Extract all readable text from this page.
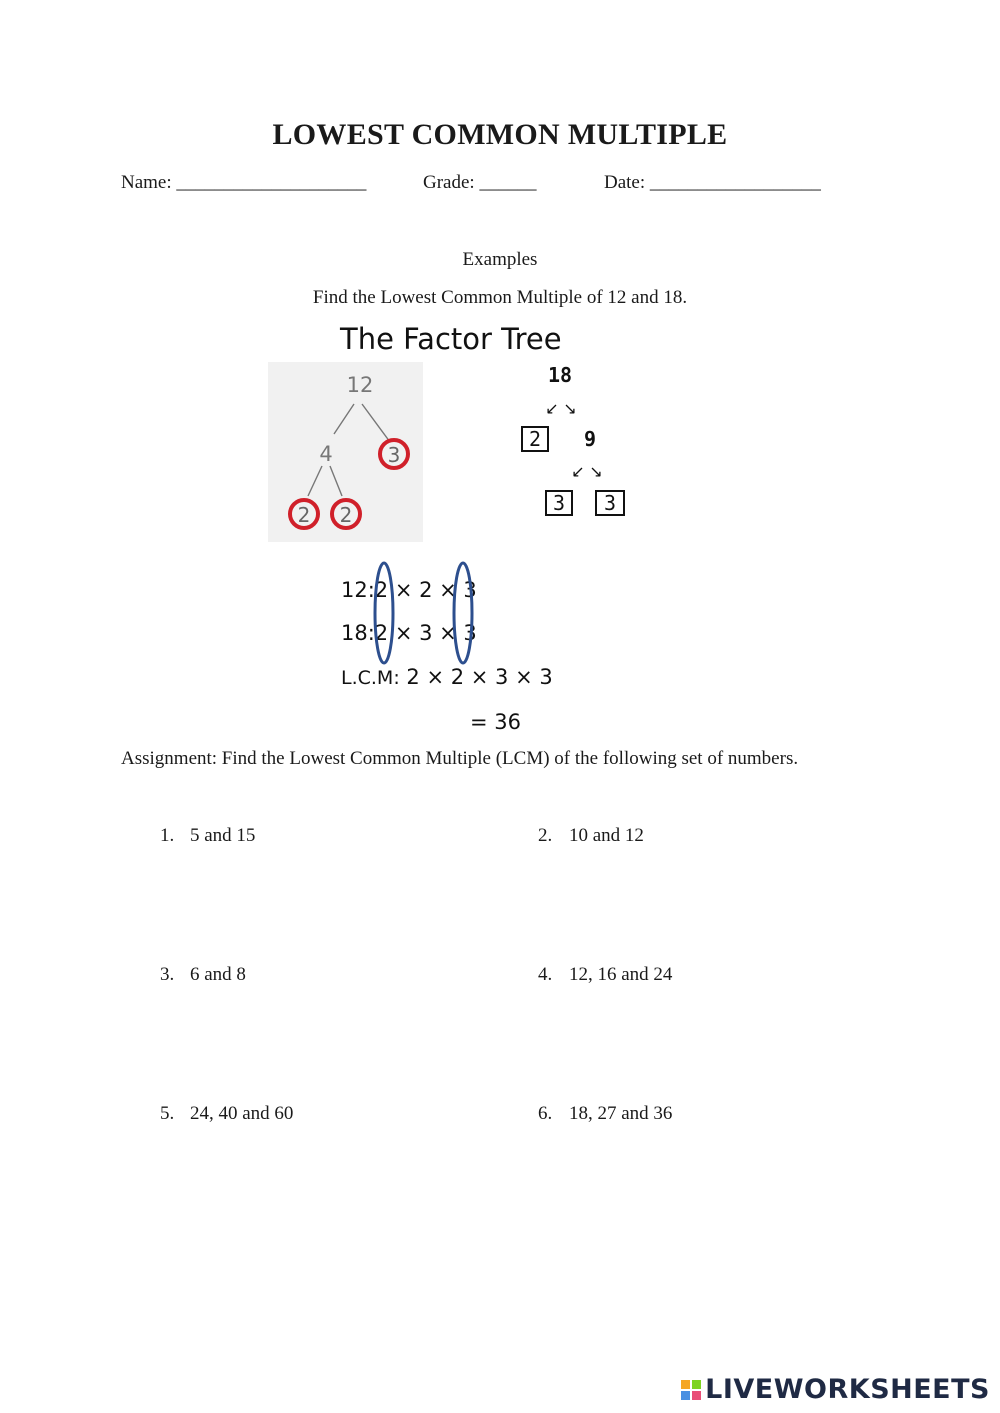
LOWEST COMMON MULTIPLE
Name: ____________________	Grade: ______	Date: __________________
Examples
Find the Lowest Common Multiple of 12 and 18.
The Factor Tree
12
4	3
2 2
18
↙ ↘
2 9
↙ ↘
3 3
12:2 × 2 × 3
18:2 × 3 × 3
L.C.M: 2 × 2 × 3 × 3
= 36
Assignment: Find the Lowest Common Multiple (LCM) of the following set of numbers.
1. 5 and 15	2. 10 and 12
3. 6 and 8	4. 12, 16 and 24
5. 24, 40 and 60	6. 18, 27 and 36
LIVEWORKSHEETS
